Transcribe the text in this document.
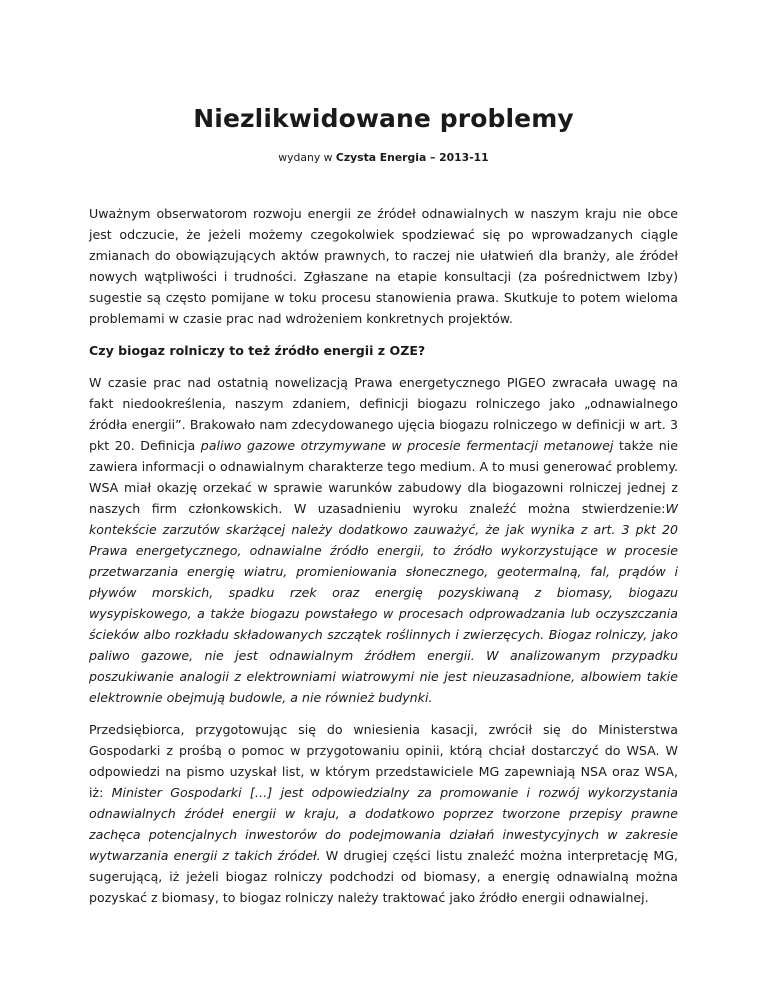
Niezlikwidowane problemy
wydany w Czysta Energia – 2013-11

Uważnym obserwatorom rozwoju energii ze źródeł odnawialnych w naszym kraju nie obce jest odczucie, że jeżeli możemy czegokolwiek spodziewać się po wprowadzanych ciągle zmianach do obowiązujących aktów prawnych, to raczej nie ułatwień dla branży, ale źródeł nowych wątpliwości i trudności. Zgłaszane na etapie konsultacji (za pośrednictwem Izby) sugestie są często pomijane w toku procesu stanowienia prawa. Skutkuje to potem wieloma problemami w czasie prac nad wdrożeniem konkretnych projektów.

Czy biogaz rolniczy to też źródło energii z OZE?

W czasie prac nad ostatnią nowelizacją Prawa energetycznego PIGEO zwracała uwagę na fakt niedookreślenia, naszym zdaniem, definicji biogazu rolniczego jako „odnawialnego źródła energii”. Brakowało nam zdecydowanego ujęcia biogazu rolniczego w definicji w art. 3 pkt 20. Definicja paliwo gazowe otrzymywane w procesie fermentacji metanowej także nie zawiera informacji o odnawialnym charakterze tego medium. A to musi generować problemy. WSA miał okazję orzekać w sprawie warunków zabudowy dla biogazowni rolniczej jednej z naszych firm członkowskich. W uzasadnieniu wyroku znaleźć można stwierdzenie:W kontekście zarzutów skarżącej należy dodatkowo zauważyć, że jak wynika z art. 3 pkt 20 Prawa energetycznego, odnawialne źródło energii, to źródło wykorzystujące w procesie przetwarzania energię wiatru, promieniowania słonecznego, geotermalną, fal, prądów i pływów morskich, spadku rzek oraz energię pozyskiwaną z biomasy, biogazu wysypiskowego, a także biogazu powstałego w procesach odprowadzania lub oczyszczania ścieków albo rozkładu składowanych szczątek roślinnych i zwierzęcych. Biogaz rolniczy, jako paliwo gazowe, nie jest odnawialnym źródłem energii. W analizowanym przypadku poszukiwanie analogii z elektrowniami wiatrowymi nie jest nieuzasadnione, albowiem takie elektrownie obejmują budowle, a nie również budynki.

Przedsiębiorca, przygotowując się do wniesienia kasacji, zwrócił się do Ministerstwa Gospodarki z prośbą o pomoc w przygotowaniu opinii, którą chciał dostarczyć do WSA. W odpowiedzi na pismo uzyskał list, w którym przedstawiciele MG zapewniają NSA oraz WSA, iż: Minister Gospodarki […] jest odpowiedzialny za promowanie i rozwój wykorzystania odnawialnych źródeł energii w kraju, a dodatkowo poprzez tworzone przepisy prawne zachęca potencjalnych inwestorów do podejmowania działań inwestycyjnych w zakresie wytwarzania energii z takich źródeł. W drugiej części listu znaleźć można interpretację MG, sugerującą, iż jeżeli biogaz rolniczy podchodzi od biomasy, a energię odnawialną można pozyskać z biomasy, to biogaz rolniczy należy traktować jako źródło energii odnawialnej.
